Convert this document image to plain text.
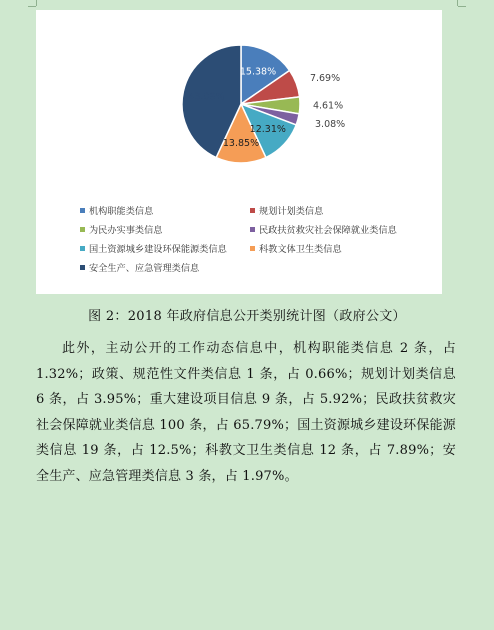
15.38%
7.69%
4.61%
3.08%
12.31%
13.85%
43.08%
机构职能类信息	规划计划类信息
为民办实事类信息	民政扶贫救灾社会保障就业类信息
国土资源城乡建设环保能源类信息	科教文体卫生类信息
安全生产、应急管理类信息
图 2：2018 年政府信息公开类别统计图（政府公文）

此外，主动公开的工作动态信息中，机构职能类信息 2 条，占 1.32%；政策、规范性文件类信息 1 条，占 0.66%；规划计划类信息 6 条，占 3.95%；重大建设项目信息 9 条，占 5.92%；民政扶贫救灾社会保障就业类信息 100 条，占 65.79%；国土资源城乡建设环保能源类信息 19 条，占 12.5%；科教文卫生类信息 12 条，占 7.89%；安全生产、应急管理类信息 3 条，占 1.97%。
